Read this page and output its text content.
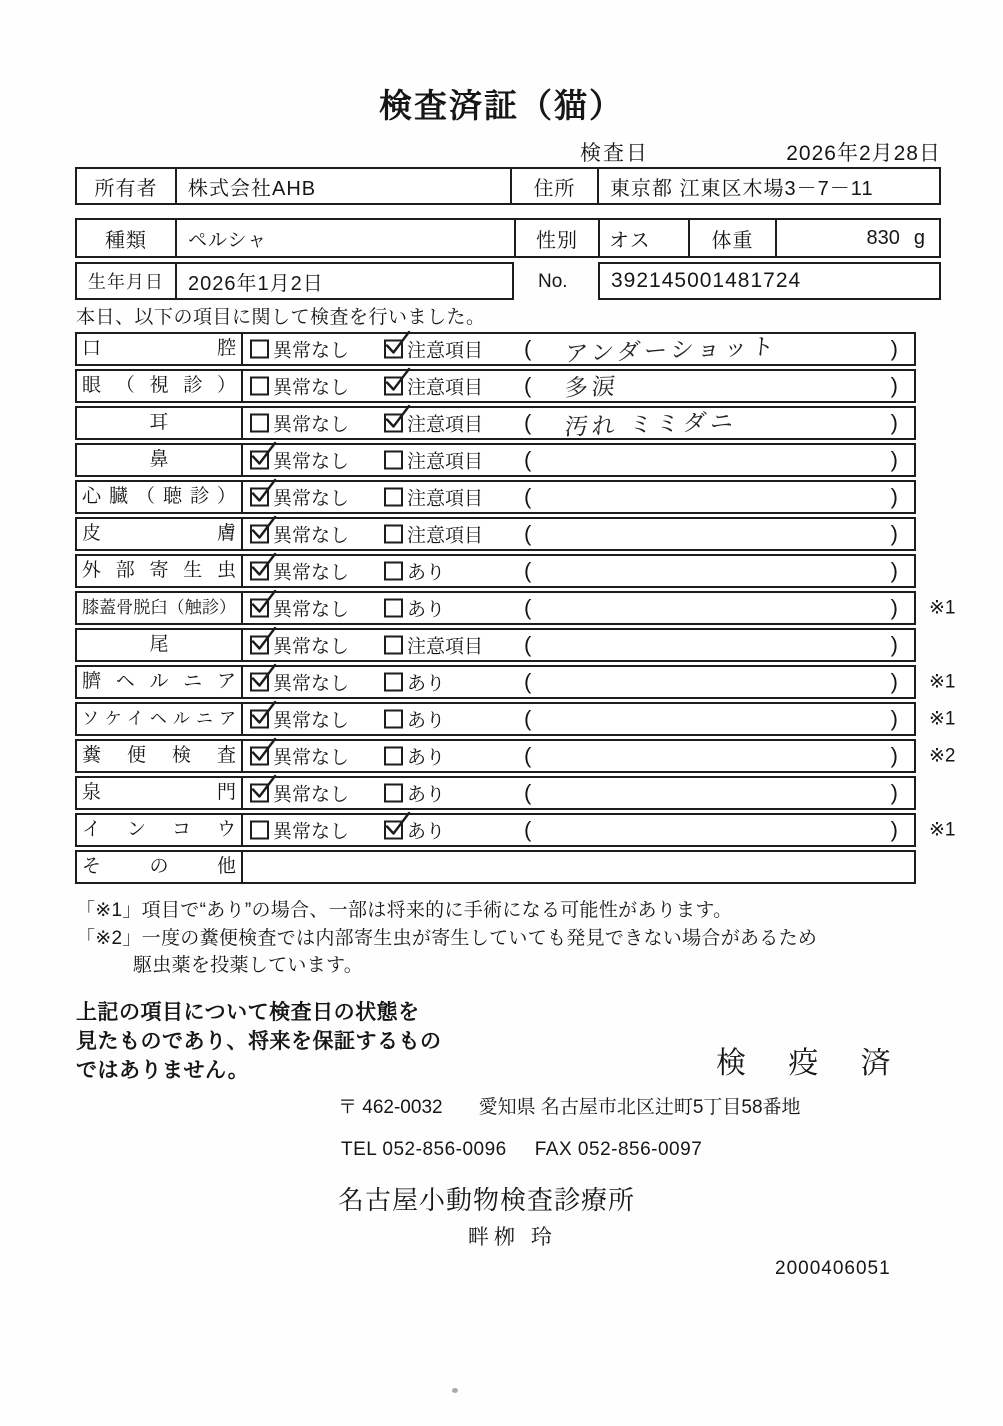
検査済証（猫）
検査日	2026年2月28日
所有者	株式会社AHB	住所	東京都 江東区木場3－7－11
種類	ペルシャ	性別	オス	体重	830 g
生年月日	2026年1月2日	No.	392145001481724
本日、以下の項目に関して検査を行いました。
口腔	異常なし	注意項目 ( アンダーショット	)
眼（視診）	異常なし	注意項目 ( 多涙	)
耳	異常なし	注意項目 ( 汚れ ミミダニ	)
鼻	異常なし	注意項目 (	)
心臓（聴診）	異常なし	注意項目 (	)
皮膚	異常なし	注意項目 (	)
外部寄生虫	異常なし	あり	(	)
膝蓋骨脱臼（触診）	異常なし	あり	(	) ※1
尾	異常なし	注意項目 (	)
臍ヘルニア	異常なし	あり	(	) ※1
ソケイヘルニア	異常なし	あり	(	) ※1
糞便検査	異常なし	あり	(	) ※2
泉門	異常なし	あり	(	)
インコウ	異常なし	あり	(	) ※1
その他
「※1」項目で“あり”の場合、一部は将来的に手術になる可能性があります。
「※2」一度の糞便検査では内部寄生虫が寄生していても発見できない場合があるため
駆虫薬を投薬しています。
上記の項目について検査日の状態を
見たものであり、将来を保証するもの
ではありません。	検 疫 済
〒 462-0032 愛知県 名古屋市北区辻町5丁目58番地
TEL 052-856-0096 FAX 052-856-0097
名古屋小動物検査診療所
畔栁 玲
2000406051
